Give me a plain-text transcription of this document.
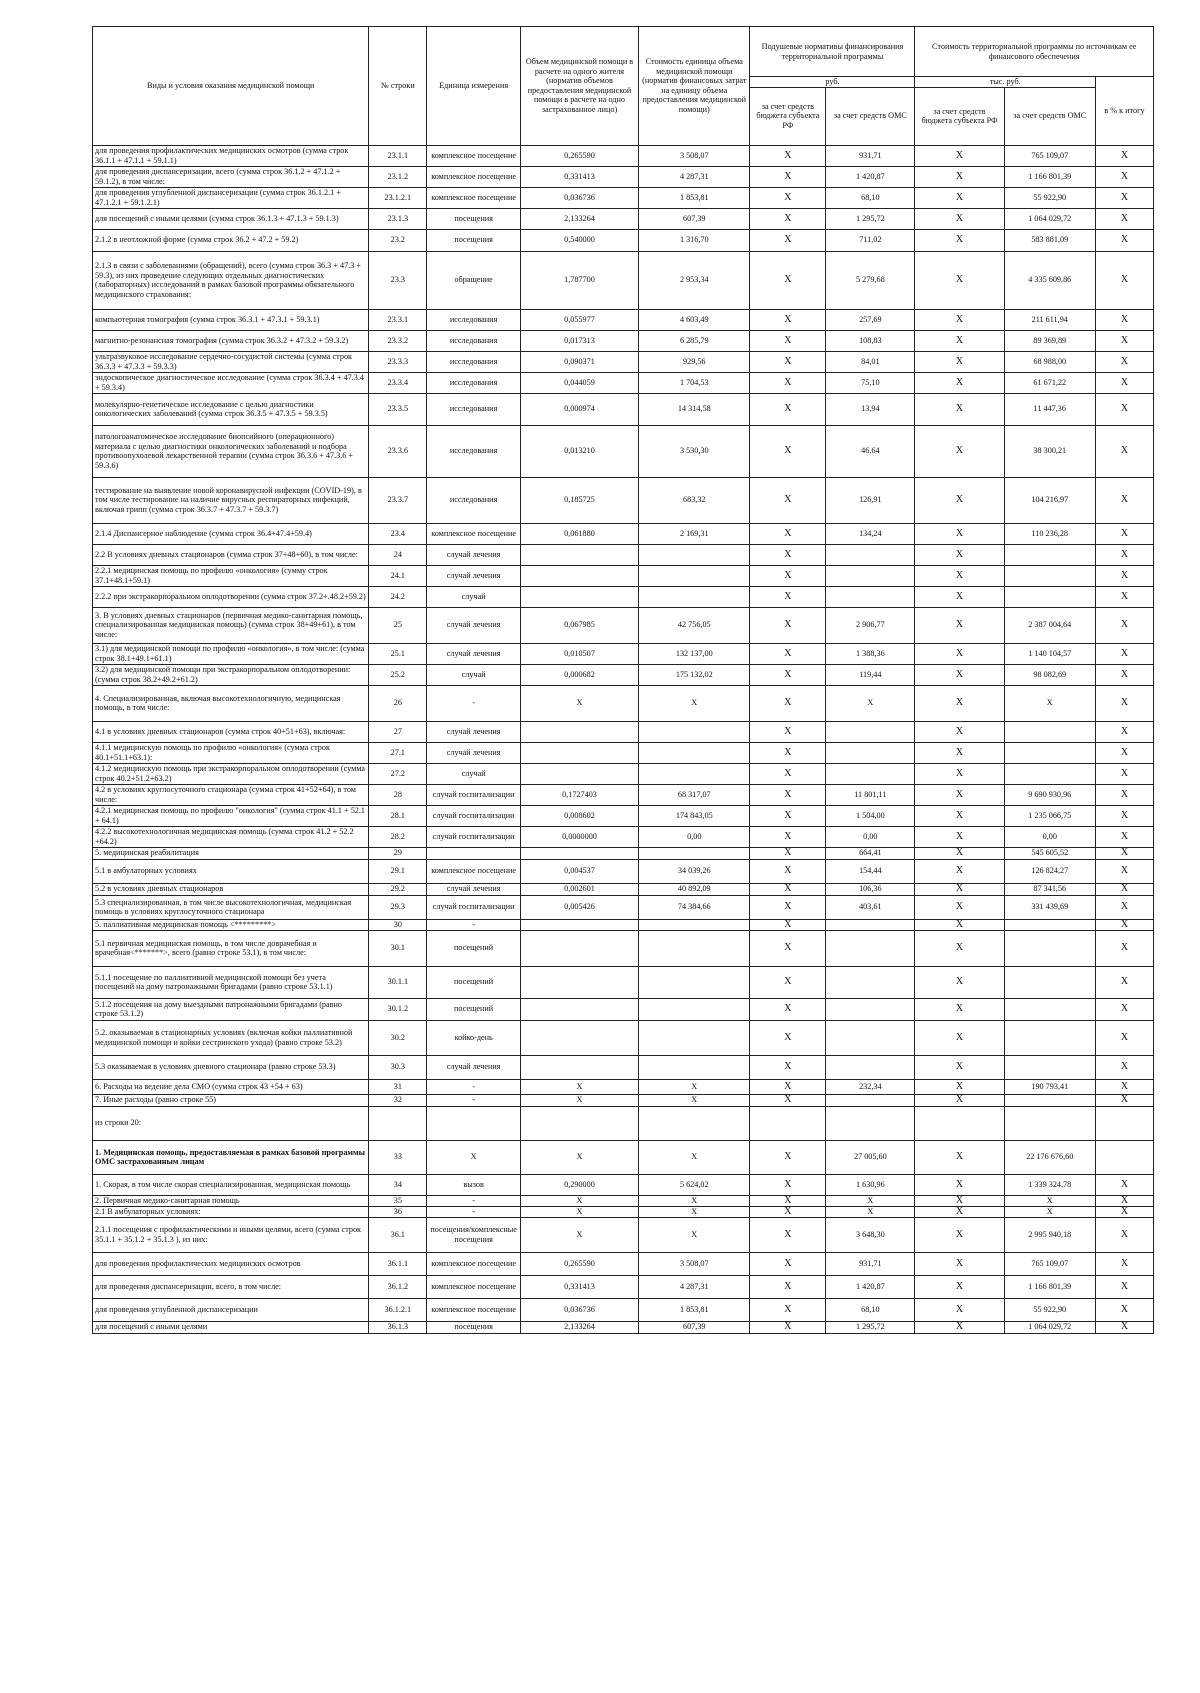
Виды и условия оказания медицинской помощи	№ строки	Единица измерения	Объем медицинской помощи в расчете на одного жителя (норматив объемов предоставления медицинской помощи в расчете на одно застрахованное лицо)	Стоимость единицы объема медицинской помощи (норматив финансовых затрат на единицу объема предоставления медицинской помощи)	Подушевые нормативы финансирования территориальной программы		Стоимость территориальной программы по источникам ее финансового обеспечения		
					руб.		тыс. руб.		в % к итогу
					за счет средств бюджета субъекта РФ	за счет средств ОМС	за счет средств бюджета субъекта РФ	за счет средств ОМС	
для проведения профилактических медицинских осмотров (сумма строк 36.1.1 + 47.1.1 + 59.1.1)	23.1.1	комплексное посещение	0,265590	3 508,07	X	931,71	X	765 109,07	X
для проведения диспансеризации, всего (сумма строк 36.1.2 + 47.1.2 + 59.1.2), в том числе:	23.1.2	комплексное посещение	0,331413	4 287,31	X	1 420,87	X	1 166 801,39	X
для проведения углубленной диспансеризации (сумма строк 36.1.2.1 + 47.1.2.1 + 59.1.2.1)	23.1.2.1	комплексное посещение	0,036736	1 853,81	X	68,10	X	55 922,90	X
для посещений с иными целями (сумма строк 36.1.3 + 47.1.3 + 59.1.3)	23.1.3	посещения	2,133264	607,39	X	1 295,72	X	1 064 029,72	X
2.1.2 в неотложной форме (сумма строк 36.2 + 47.2 + 59.2)	23.2	посещения	0,540000	1 316,70	X	711,02	X	583 881,09	X
2.1.3 в связи с заболеваниями (обращений), всего (сумма строк 36.3 + 47.3 + 59.3), из них проведение следующих отдельных диагностических (лабораторных) исследований в рамках базовой программы обязательного медицинского страхования:	23.3	обращение	1,787700	2 953,34	X	5 279,68	X	4 335 609,86	X
компьютерная томография (сумма строк 36.3.1 + 47.3.1 + 59.3.1)	23.3.1	исследования	0,055977	4 603,49	X	257,69	X	211 611,94	X
магнитно-резонансная томография (сумма строк 36.3.2 + 47.3.2 + 59.3.2)	23.3.2	исследования	0,017313	6 285,79	X	108,83	X	89 369,89	X
ультразвуковое исследование сердечно-сосудистой системы (сумма строк 36.3.3 + 47.3.3 + 59.3.3)	23.3.3	исследования	0,090371	929,56	X	84,01	X	68 988,00	X
эндоскопическое диагностическое исследование (сумма строк 36.3.4 + 47.3.4 + 59.3.4)	23.3.4	исследования	0,044059	1 704,53	X	75,10	X	61 671,22	X
молекулярно-генетическое исследование с целью диагностики онкологических заболеваний (сумма строк 36.3.5 + 47.3.5 + 59.3.5)	23.3.5	исследования	0,000974	14 314,58	X	13,94	X	11 447,36	X
патологоанатомическое исследование биопсийного (операционного) материала с целью диагностики онкологических заболеваний и подбора противоопухолевой лекарственной терапии (сумма строк 36.3.6 + 47.3.6 + 59.3.6)	23.3.6	исследования	0,013210	3 530,30	X	46,64	X	38 300,21	X
тестирование на выявление новой коронавирусной инфекции (COVID-19), в том числе тестирование на наличие вирусных респираторных инфекций, включая грипп (сумма строк 36.3.7 + 47.3.7 + 59.3.7)	23.3.7	исследования	0,185725	683,32	X	126,91	X	104 216,97	X
2.1.4 Диспансерное наблюдение (сумма строк 36.4+47.4+59.4)	23.4	комплексное посещение	0,061880	2 169,31	X	134,24	X	110 236,28	X
2.2 В условиях дневных стационаров (сумма строк 37+48+60), в том числе:	24	случай лечения			X		X		X
2.2.1 медицинская помощь по профилю «онкология» (сумму строк 37.1+48.1+59.1)	24.1	случай лечения			X		X		X
2.2.2 при экстракорпоральном оплодотворении (сумма строк 37.2+.48.2+59.2)	24.2	случай			X		X		X
3. В условиях дневных стационаров (первичная медико-санитарная помощь, специализированная медицинская помощь) (сумма строк 38+49+61), в том числе:	25	случай лечения	0,067985	42 756,05	X	2 906,77	X	2 387 004,64	X
3.1) для медицинской помощи по профилю «онкология», в том числе: (сумма строк 38.1+49.1+61.1)	25.1	случай лечения	0,010507	132 137,00	X	1 388,36	X	1 140 104,57	X
3.2) для медицинской помощи при экстракорпоральном оплодотворении: (сумма строк 38.2+49.2+61.2)	25.2	случай	0,000682	175 132,02	X	119,44	X	98 082,69	X
4. Специализированная, включая высокотехнологичную, медицинская помощь, в том числе:	26	-	X	X	X	X	X	X	X
4.1 в условиях дневных стационаров (сумма строк 40+51+63), включая:	27	случай лечения			X		X		X
4.1.1 медицинскую помощь по профилю «онкология» (сумма строк 40.1+51.1+63.1):	27.1	случай лечения			X		X		X
4.1.2 медицинскую помощь при экстракорпоральном оплодотворении (сумма строк 40.2+51.2+63.2)	27.2	случай			X		X		X
4.2 в условиях круглосуточного стационара (сумма строк 41+52+64), в том числе:	28	случай госпитализации	0,1727403	68 317,07	X	11 801,11	X	9 690 930,96	X
4.2.1 медицинская помощь по профилю "онкология" (сумма строк 41.1 + 52.1 + 64.1)	28.1	случай госпитализации	0,008602	174 843,05	X	1 504,00	X	1 235 066,75	X
4.2.2 высокотехнологичная медицинская помощь (сумма строк 41.2 + 52.2 +64.2)	28.2	случай госпитализации	0,0000000	0,00	X	0,00	X	0,00	X
5. медицинская реабилитация	29				X	664,41	X	545 605,52	X
5.1 в амбулаторных условиях	29.1	комплексное посещение	0,004537	34 039,26	X	154,44	X	126 824,27	X
5.2 в условиях дневных стационаров	29.2	случай лечения	0,002601	40 892,09	X	106,36	X	87 341,56	X
5.3 специализированная, в том числе высокотехнологичная, медицинская помощь в условиях круглосуточного стационара	29.3	случай госпитализации	0,005426	74 384,66	X	403,61	X	331 439,69	X
5. паллиативная медицинская помощь <*********>	30	-			X		X		X
5.1 первичная медицинская помощь, в том числе доврачебная и врачебная<*******>, всего (равно строке 53.1), в том числе:	30.1	посещений			X		X		X
5.1.1 посещение по паллиативной медицинской помощи без учета посещений на дому патронажными бригадами (равно строке 53.1.1)	30.1.1	посещений			X		X		X
5.1.2 посещения на дому выездными патронажными бригадами (равно строке 53.1.2)	30.1.2	посещений			X		X		X
5.2. оказываемая в стационарных условиях (включая койки паллиативной медицинской помощи и койки сестринского ухода) (равно строке 53.2)	30.2	койко-день			X		X		X
5.3 оказываемая в условиях дневного стационара (равно строке 53.3)	30.3	случай лечения			X		X		X
6. Расходы на ведение дела СМО (сумма строк 43 +54 + 63)	31	-	X	X	X	232,34	X	190 793,41	X
7. Иные расходы (равно строке 55)	32	-	X	X	X		X		X
из строки 20:									
1. Медицинская помощь, предоставляемая в рамках базовой программы ОМС застрахованным лицам	33	X	X	X	X	27 005,60	X	22 176 676,60	
1. Скорая, в том числе скорая специализированная, медицинская помощь	34	вызов	0,290000	5 624,02	X	1 630,96	X	1 339 324,78	X
2. Первичная медико-санитарная помощь	35	-	X	X	X	X	X	X	X
2.1 В амбулаторных условиях:	36	-	X	X	X	X	X	X	X
2.1.1 посещения с профилактическими и иными целями, всего (сумма строк 35.1.1 + 35.1.2 + 35.1.3 ), из них:	36.1	посещения/комплексные посещения	X	X	X	3 648,30	X	2 995 940,18	X
для проведения профилактических медицинских осмотров	36.1.1	комплексное посещение	0,265590	3 508,07	X	931,71	X	765 109,07	X
для проведения диспансеризации, всего, в том числе:	36.1.2	комплексное посещение	0,331413	4 287,31	X	1 420,87	X	1 166 801,39	X
для проведения углубленной диспансеризации	36.1.2.1	комплексное посещение	0,036736	1 853,81	X	68,10	X	55 922,90	X
для посещений с иными целями	36.1.3	посещения	2,133264	607,39	X	1 295,72	X	1 064 029,72	X
